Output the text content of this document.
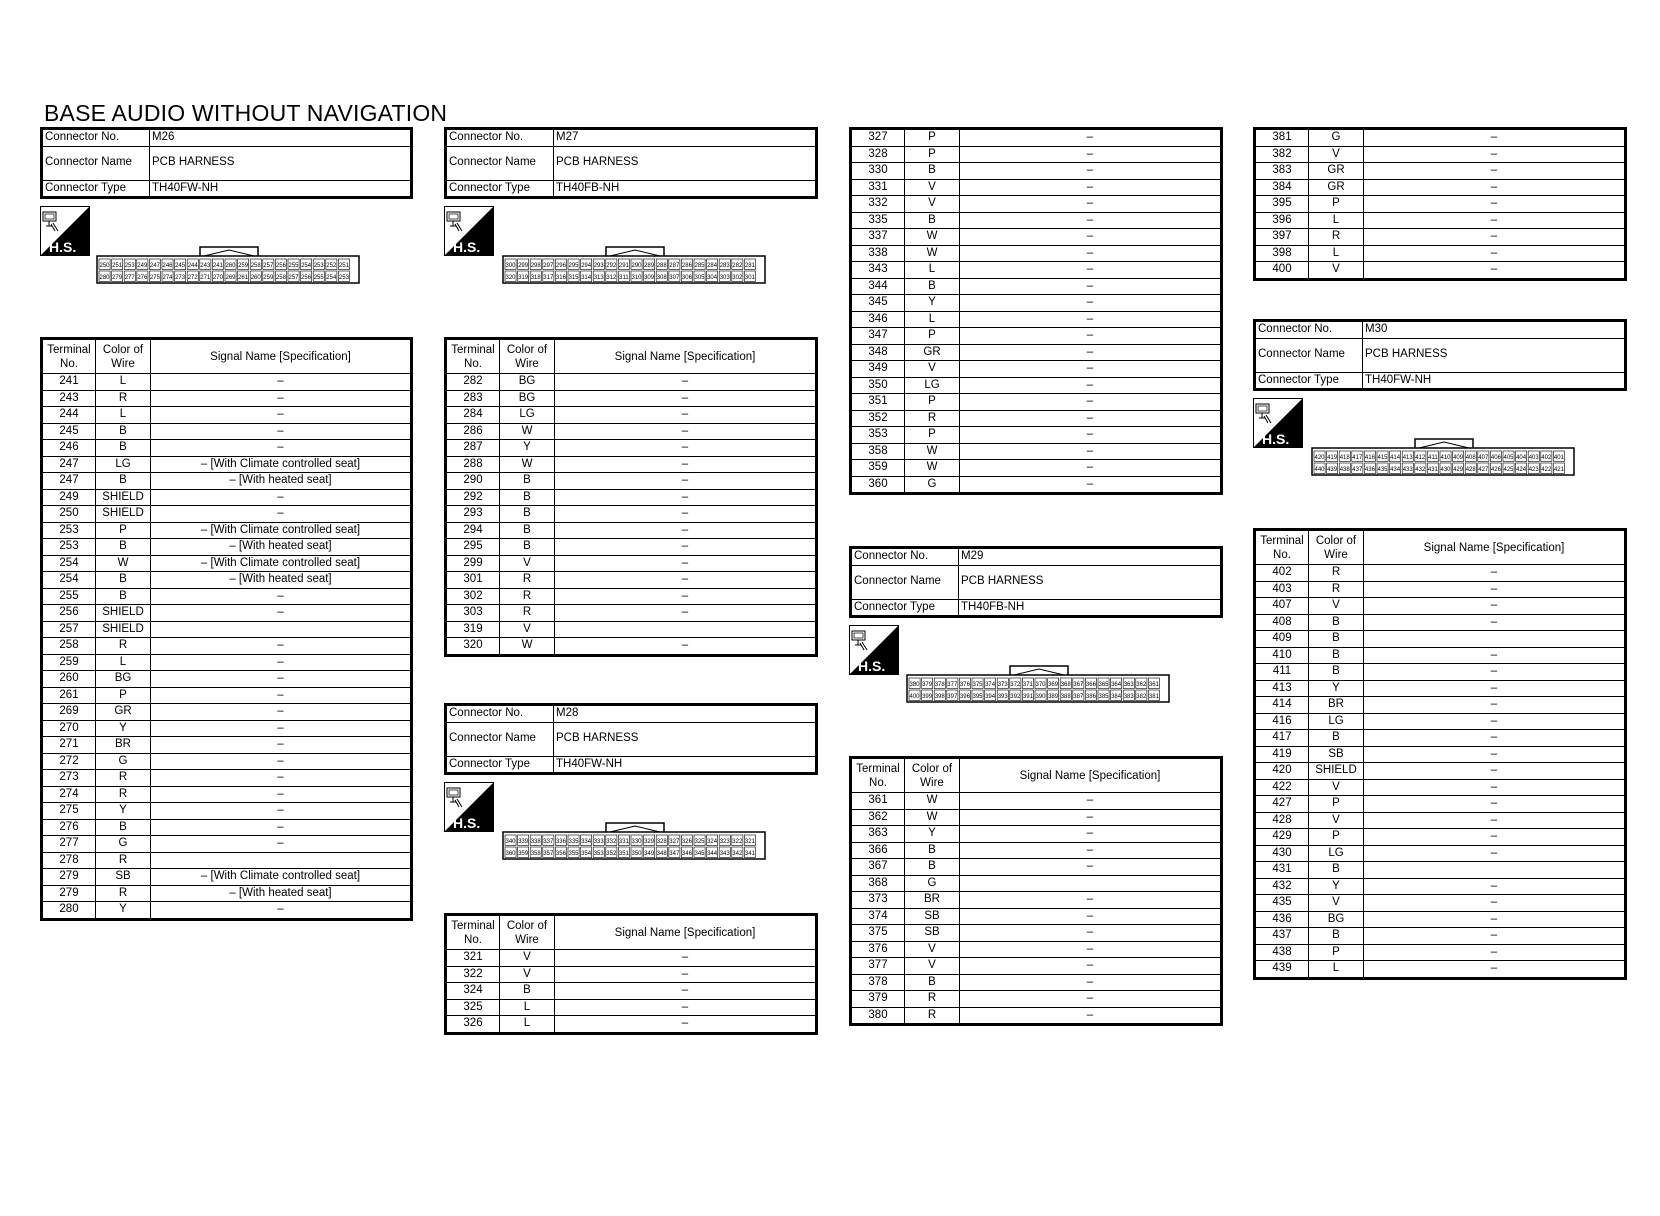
BASE AUDIO WITHOUT NAVIGATION
Connector No.	M26
Connector Name	PCB HARNESS
Connector Type	TH40FW-NH
H.S.
250 251 253 249 247 246 245 244 243 241 260 259 258 257 256 255 254 253 252 251
280 279 277 276 275 274 273 272 271 270 269 261 260 259 258 257 256 255 254 253
Terminal No.	Color of Wire	Signal Name [Specification]
241	L	–
243	R	–
244	L	–
245	B	–
246	B	–
247	LG	– [With Climate controlled seat]
247	B	– [With heated seat]
249	SHIELD	–
250	SHIELD	–
253	P	– [With Climate controlled seat]
253	B	– [With heated seat]
254	W	– [With Climate controlled seat]
254	B	– [With heated seat]
255	B	–
256	SHIELD	–
257	SHIELD	
258	R	–
259	L	–
260	BG	–
261	P	–
269	GR	–
270	Y	–
271	BR	–
272	G	–
273	R	–
274	R	–
275	Y	–
276	B	–
277	G	–
278	R	
279	SB	– [With Climate controlled seat]
279	R	– [With heated seat]
280	Y	–
Connector No.	M27
Connector Name	PCB HARNESS
Connector Type	TH40FB-NH
H.S.
300 299 298 297 296 295 294 293 292 291 290 289 288 287 286 285 284 283 282 281
320 319 318 317 316 315 314 313 312 311 310 309 308 307 306 305 304 303 302 301
Terminal No.	Color of Wire	Signal Name [Specification]
282	BG	–
283	BG	–
284	LG	–
286	W	–
287	Y	–
288	W	–
290	B	–
292	B	–
293	B	–
294	B	–
295	B	–
299	V	–
301	R	–
302	R	–
303	R	–
319	V	
320	W	–
Connector No.	M28
Connector Name	PCB HARNESS
Connector Type	TH40FW-NH
H.S.
340 339 338 337 336 335 334 333 332 331 330 329 328 327 326 325 324 323 322 321
360 359 358 357 356 355 354 353 352 351 350 349 348 347 346 345 344 343 342 341
Terminal No.	Color of Wire	Signal Name [Specification]
321	V	–
322	V	–
324	B	–
325	L	–
326	L	–
327	P	–
328	P	–
330	B	–
331	V	–
332	V	–
335	B	–
337	W	–
338	W	–
343	L	–
344	B	–
345	Y	–
346	L	–
347	P	–
348	GR	–
349	V	–
350	LG	–
351	P	–
352	R	–
353	P	–
358	W	–
359	W	–
360	G	–
Connector No.	M29
Connector Name	PCB HARNESS
Connector Type	TH40FB-NH
H.S.
380 379 378 377 376 375 374 373 372 371 370 369 368 367 366 365 364 363 362 361
400 399 398 397 396 395 394 393 392 391 390 389 388 387 386 385 384 383 382 381
Terminal No.	Color of Wire	Signal Name [Specification]
361	W	–
362	W	–
363	Y	–
366	B	–
367	B	–
368	G	
373	BR	–
374	SB	–
375	SB	–
376	V	–
377	V	–
378	B	–
379	R	–
380	R	–
381	G	–
382	V	–
383	GR	–
384	GR	–
395	P	–
396	L	–
397	R	–
398	L	–
400	V	–
Connector No.	M30
Connector Name	PCB HARNESS
Connector Type	TH40FW-NH
H.S.
420 419 418 417 416 415 414 413 412 411 410 409 408 407 406 405 404 403 402 401
440 439 438 437 436 435 434 433 432 431 430 429 428 427 426 425 424 423 422 421
Terminal No.	Color of Wire	Signal Name [Specification]
402	R	–
403	R	–
407	V	–
408	B	–
409	B	
410	B	–
411	B	–
413	Y	–
414	BR	–
416	LG	–
417	B	–
419	SB	–
420	SHIELD	–
422	V	–
427	P	–
428	V	–
429	P	–
430	LG	–
431	B	
432	Y	–
435	V	–
436	BG	–
437	B	–
438	P	–
439	L	–
